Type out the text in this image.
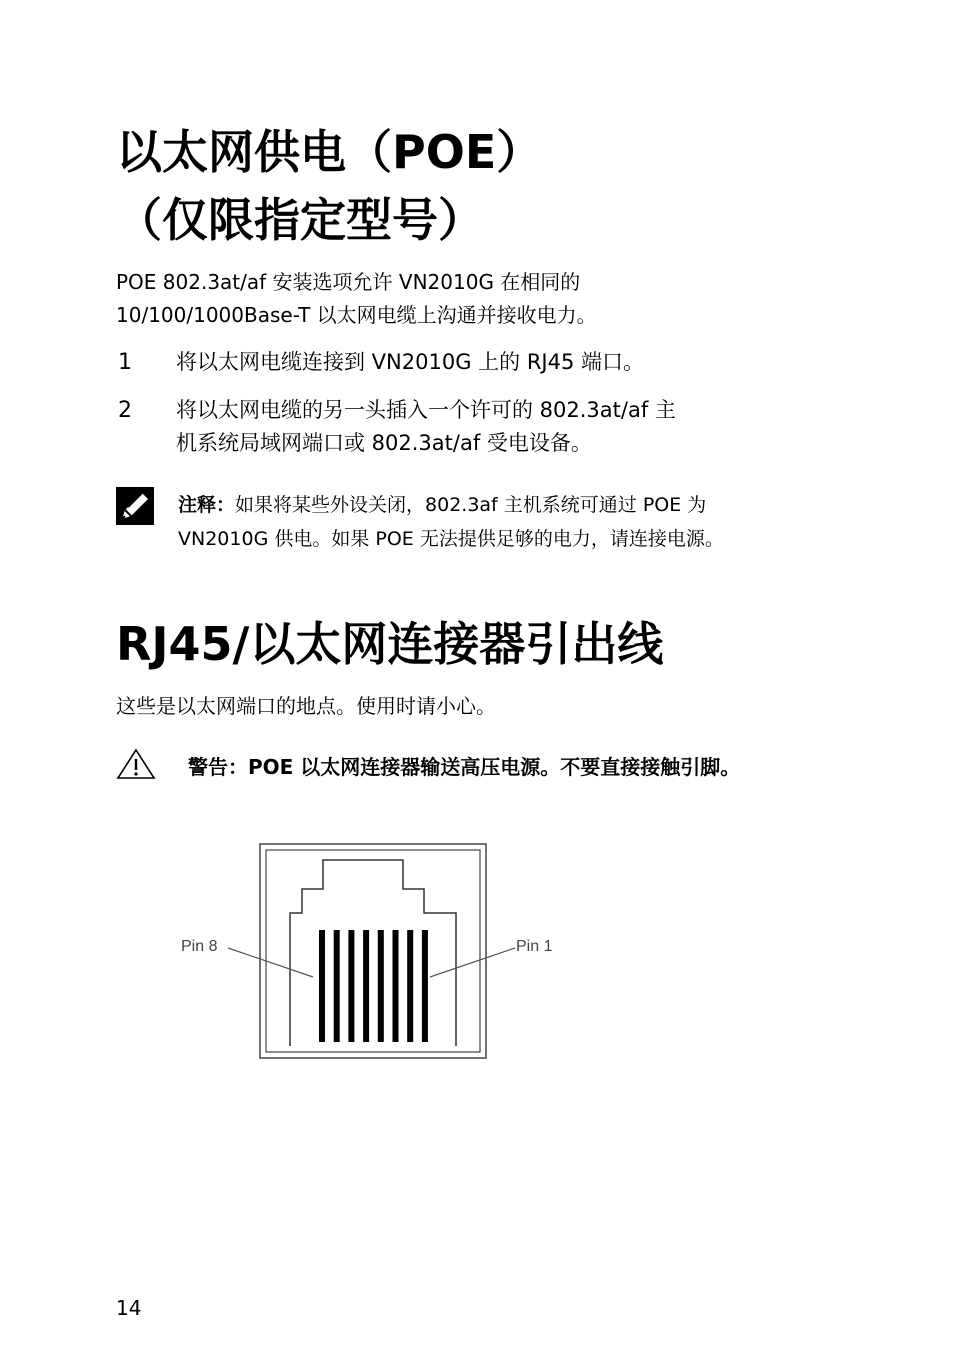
以太网供电（POE）
（仅限指定型号）

POE 802.3at/af 安装选项允许 VN2010G 在相同的

10/100/1000Base-T 以太网电缆上沟通并接收电力。

1 将以太网电缆连接到 VN2010G 上的 RJ45 端口。
2 将以太网电缆的另一头插入一个许可的 802.3at/af 主
机系统局域网端口或 802.3at/af 受电设备。
注释：如果将某些外设关闭，802.3af 主机系统可通过 POE 为
VN2010G 供电。如果 POE 无法提供足够的电力，请连接电源。
RJ45/以太网连接器引出线

这些是以太网端口的地点。使用时请小心。

警告：POE 以太网连接器输送高压电源。不要直接接触引脚。
Pin 8	Pin 1
14
